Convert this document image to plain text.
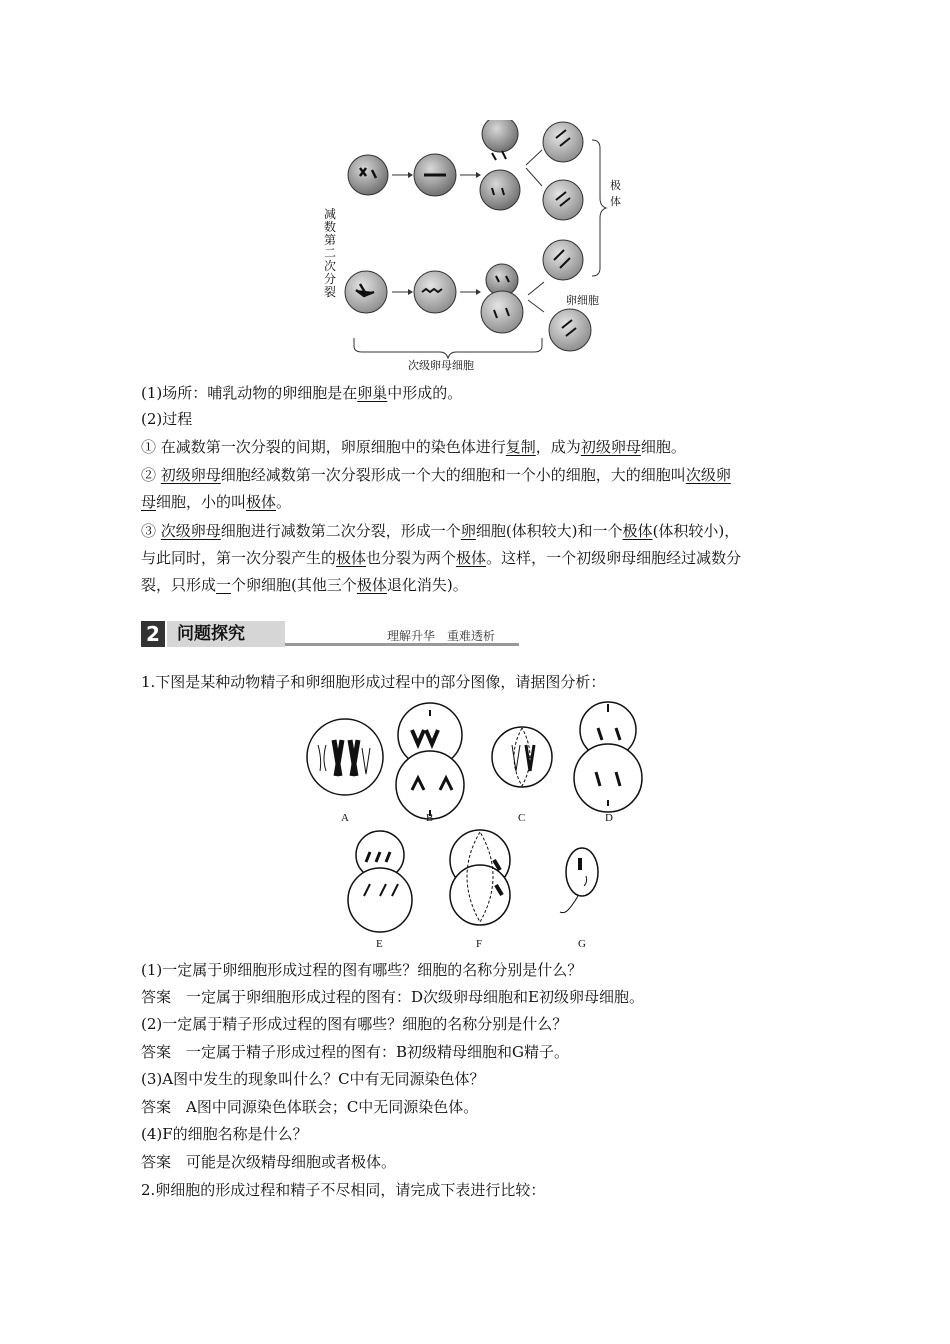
减数第二次分裂
极体
卵细胞
次级卵母细胞
(1)场所：哺乳动物的卵细胞是在卵巢中形成的。
(2)过程
① 在减数第一次分裂的间期，卵原细胞中的染色体进行复制，成为初级卵母细胞。
② 初级卵母细胞经减数第一次分裂形成一个大的细胞和一个小的细胞，大的细胞叫次级卵
母细胞，小的叫极体。
③ 次级卵母细胞进行减数第二次分裂，形成一个卵细胞(体积较大)和一个极体(体积较小)，
与此同时，第一次分裂产生的极体也分裂为两个极体。这样，一个初级卵母细胞经过减数分
裂，只形成一个卵细胞(其他三个极体退化消失)。
2 问题探究	理解升华　重难透析
1.下图是某种动物精子和卵细胞形成过程中的部分图像，请据图分析：
A	B	C	D
E	F	G
(1)一定属于卵细胞形成过程的图有哪些？细胞的名称分别是什么？
答案　一定属于卵细胞形成过程的图有：D次级卵母细胞和E初级卵母细胞。
(2)一定属于精子形成过程的图有哪些？细胞的名称分别是什么？
答案　一定属于精子形成过程的图有：B初级精母细胞和G精子。
(3)A图中发生的现象叫什么？C中有无同源染色体？
答案　A图中同源染色体联会；C中无同源染色体。
(4)F的细胞名称是什么？
答案　可能是次级精母细胞或者极体。
2.卵细胞的形成过程和精子不尽相同，请完成下表进行比较：
